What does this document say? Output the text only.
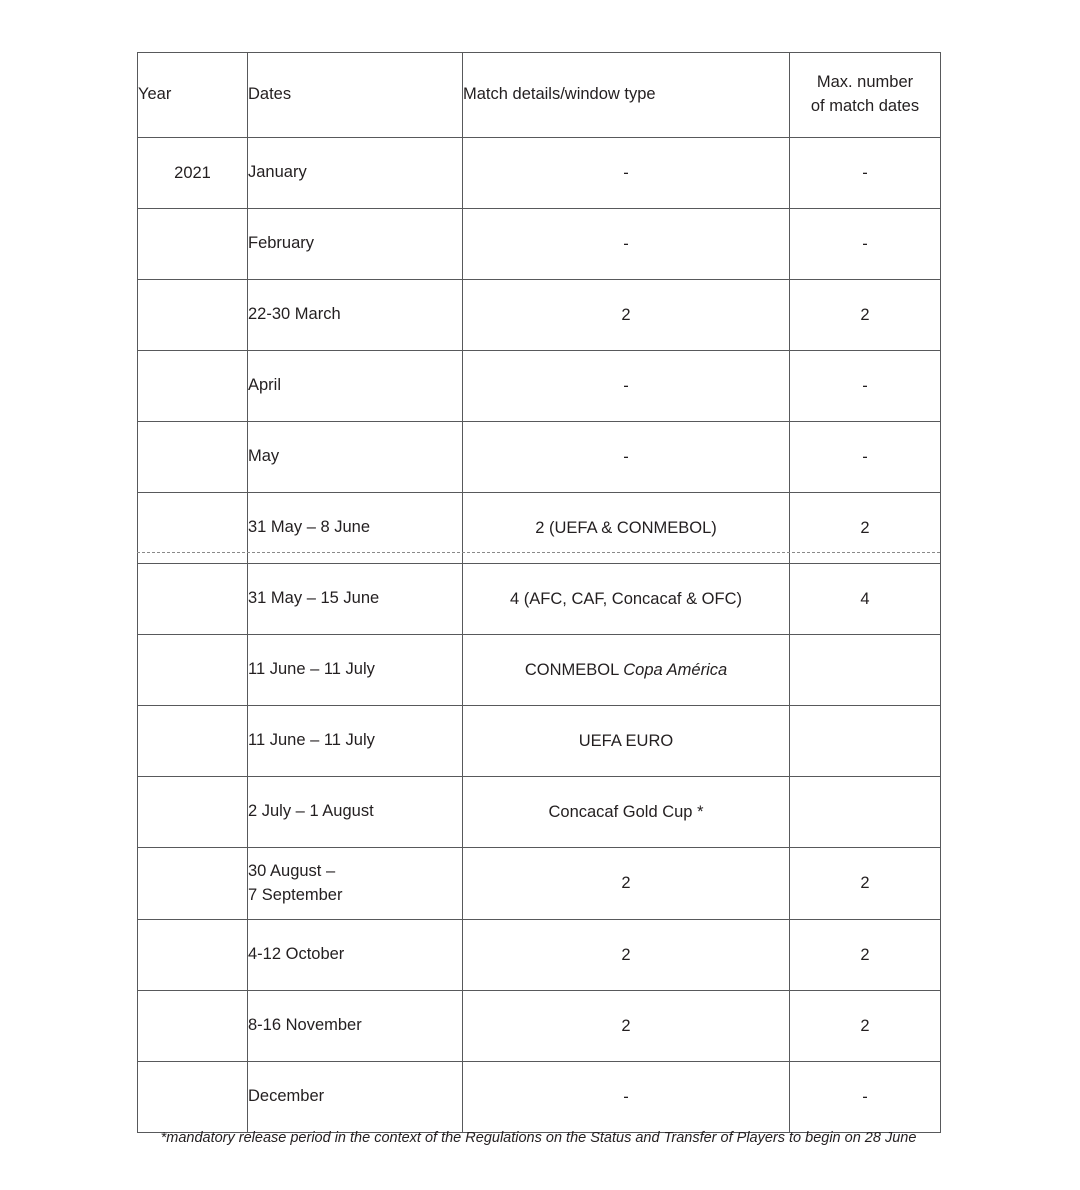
Year	Dates	Match details/window type	Max. number
of match dates
2021	January	-	-
	February	-	-
	22-30 March	2	2
	April	-	-
	May	-	-
	31 May – 8 June	2 (UEFA & CONMEBOL)	2
	31 May – 15 June	4 (AFC, CAF, Concacaf & OFC)	4
	11 June – 11 July	CONMEBOL Copa América	
	11 June – 11 July	UEFA EURO	
	2 July – 1 August	Concacaf Gold Cup *	
	30 August –
7 September	2	2
	4-12 October	2	2
	8-16 November	2	2
	December	-	-
*mandatory release period in the context of the Regulations on the Status and Transfer of Players to begin on 28 June
